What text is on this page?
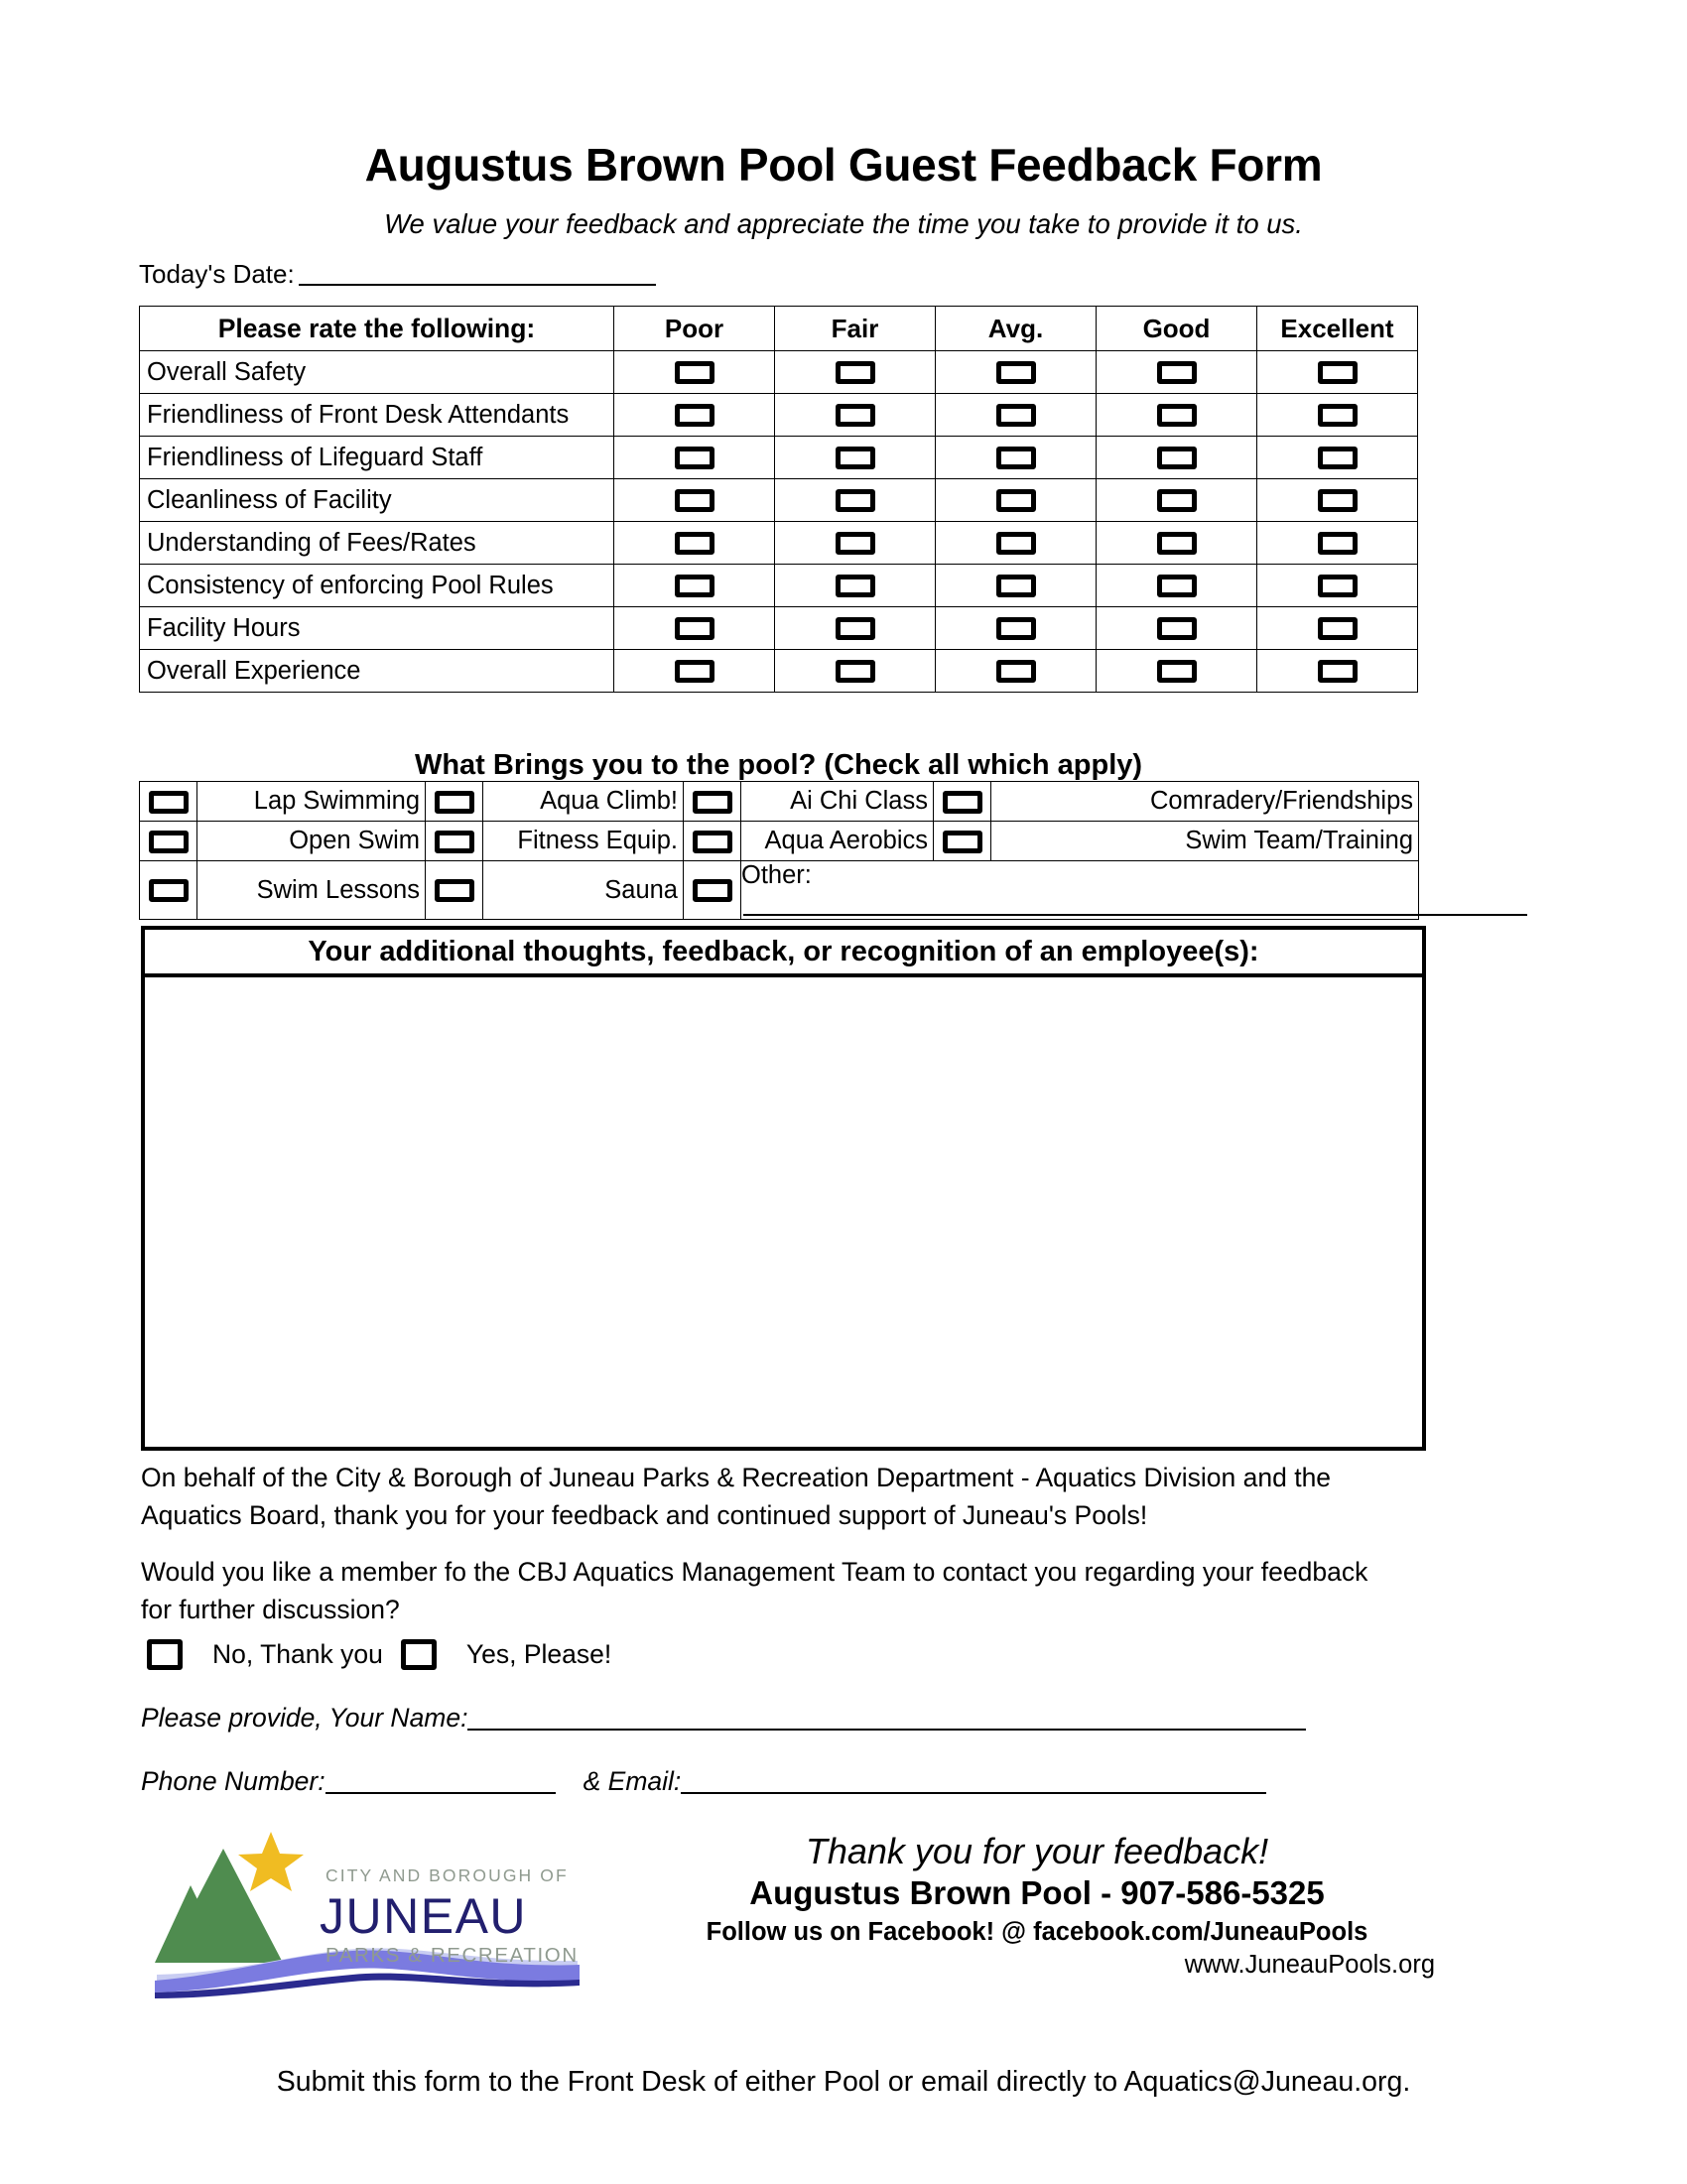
Augustus Brown Pool Guest Feedback Form

We value your feedback and appreciate the time you take to provide it to us.

Today's Date:

Please rate the following:	Poor	Fair	Avg.	Good	Excellent
Overall Safety					
Friendliness of Front Desk Attendants					
Friendliness of Lifeguard Staff					
Cleanliness of Facility					
Understanding of Fees/Rates					
Consistency of enforcing Pool Rules					
Facility Hours					
Overall Experience					
What Brings you to the pool? (Check all which apply)
	Lap Swimming		Aqua Climb!		Ai Chi Class		Comradery/Friendships
	Open Swim		Fitness Equip.		Aqua Aerobics		Swim Team/Training
	Swim Lessons		Sauna		Other:		
Your additional thoughts, feedback, or recognition of an employee(s):
On behalf of the City & Borough of Juneau Parks & Recreation Department - Aquatics Division and the Aquatics Board, thank you for your feedback and continued support of Juneau's Pools!
Would you like a member fo the CBJ Aquatics Management Team to contact you regarding your feedback for further discussion?
No, Thank you	Yes, Please!
Please provide, Your Name:
Phone Number:	& Email:
CITY AND BOROUGH OF
JUNEAU
PARKS & RECREATION
Thank you for your feedback!
Augustus Brown Pool - 907-586-5325
Follow us on Facebook! @ facebook.com/JuneauPools
www.JuneauPools.org
Submit this form to the Front Desk of either Pool or email directly to Aquatics@Juneau.org.
